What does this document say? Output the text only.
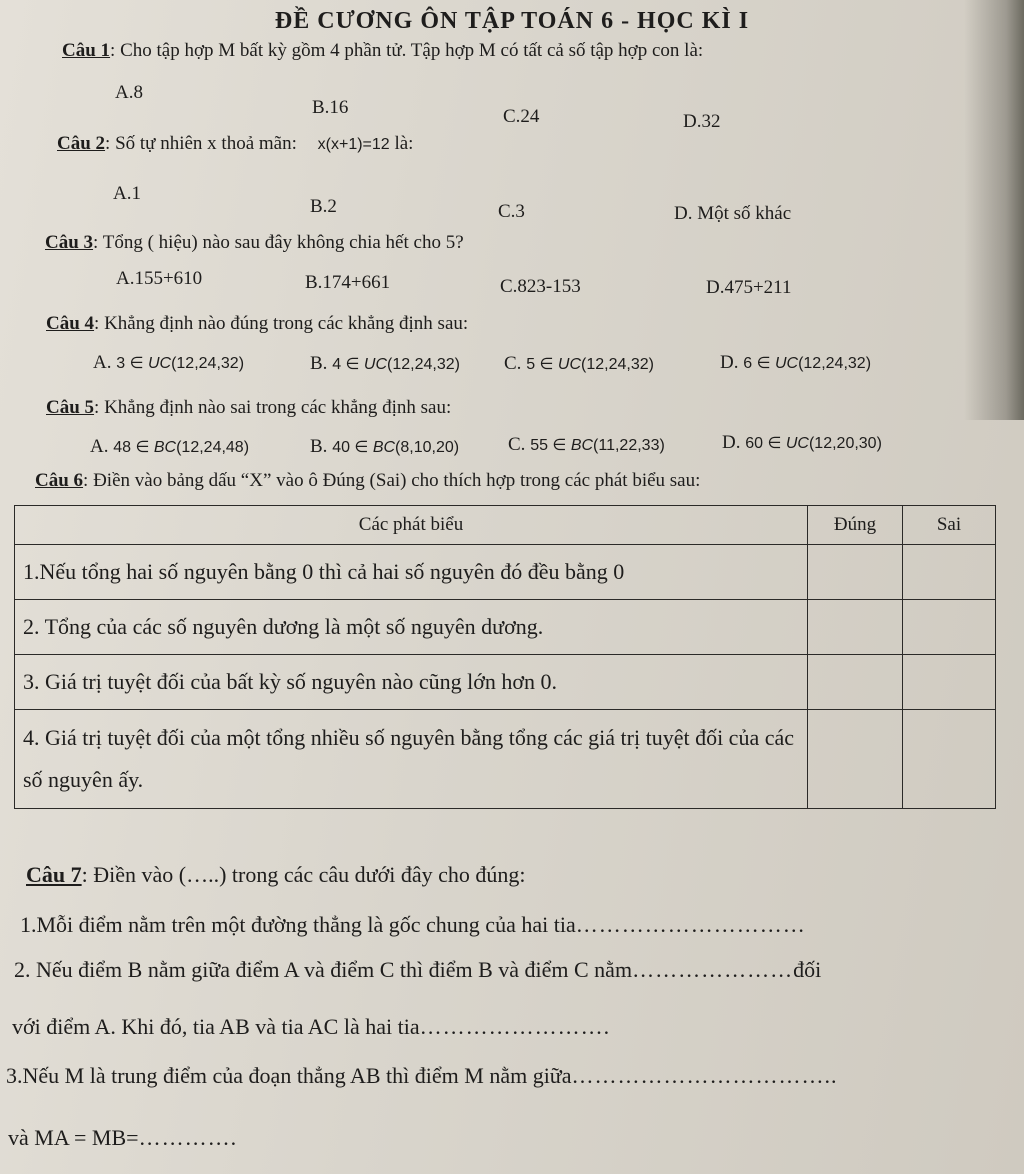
ĐỀ CƯƠNG ÔN TẬP TOÁN 6 - HỌC KÌ I
Câu 1: Cho tập hợp M bất kỳ gồm 4 phần tử. Tập hợp M có tất cả số tập hợp con là:
A.8
B.16	C.24	D.32
Câu 2: Số tự nhiên x thoả mãn: x(x+1)=12 là:
A.1
B.2	C.3	D. Một số khác
Câu 3: Tổng ( hiệu) nào sau đây không chia hết cho 5?
A.155+610	B.174+661	C.823-153	D.475+211
Câu 4: Khẳng định nào đúng trong các khẳng định sau:
A. 3 ∈ UC(12,24,32)	B. 4 ∈ UC(12,24,32) C. 5 ∈ UC(12,24,32)	D. 6 ∈ UC(12,24,32)
Câu 5: Khẳng định nào sai trong các khẳng định sau:
A. 48 ∈ BC(12,24,48)	B. 40 ∈ BC(8,10,20)	C. 55 ∈ BC(11,22,33)	D. 60 ∈ UC(12,20,30)
Câu 6: Điền vào bảng dấu “X” vào ô Đúng (Sai) cho thích hợp trong các phát biểu sau:
Các phát biểu	Đúng	Sai
1.Nếu tổng hai số nguyên bằng 0 thì cả hai số nguyên đó đều bằng 0		
2. Tổng của các số nguyên dương là một số nguyên dương.		
3. Giá trị tuyệt đối của bất kỳ số nguyên nào cũng lớn hơn 0.		
4. Giá trị tuyệt đối của một tổng nhiều số nguyên bằng tổng các giá trị tuyệt đối của các số nguyên ấy.		
Câu 7: Điền vào (…..) trong các câu dưới đây cho đúng:
1.Mỗi điểm nằm trên một đường thẳng là gốc chung của hai tia…………………………
2. Nếu điểm B nằm giữa điểm A và điểm C thì điểm B và điểm C nằm…………………đối
với điểm A. Khi đó, tia AB và tia AC là hai tia…………………….
3.Nếu M là trung điểm của đoạn thẳng AB thì điểm M nằm giữa……………………………..
và MA = MB=………….
